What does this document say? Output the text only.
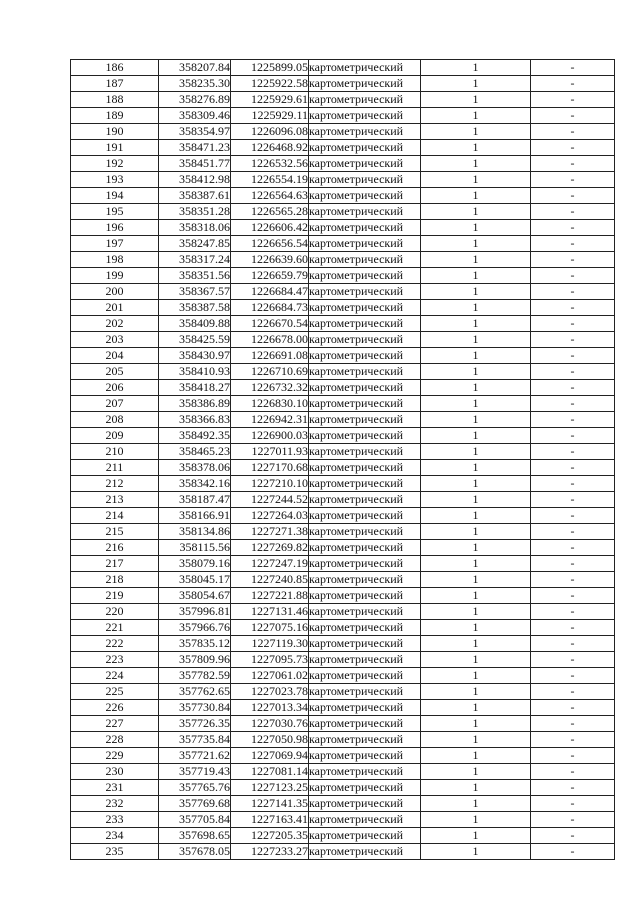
186	358207.84	1225899.05	картометрический	1	-
187	358235.30	1225922.58	картометрический	1	-
188	358276.89	1225929.61	картометрический	1	-
189	358309.46	1225929.11	картометрический	1	-
190	358354.97	1226096.08	картометрический	1	-
191	358471.23	1226468.92	картометрический	1	-
192	358451.77	1226532.56	картометрический	1	-
193	358412.98	1226554.19	картометрический	1	-
194	358387.61	1226564.63	картометрический	1	-
195	358351.28	1226565.28	картометрический	1	-
196	358318.06	1226606.42	картометрический	1	-
197	358247.85	1226656.54	картометрический	1	-
198	358317.24	1226639.60	картометрический	1	-
199	358351.56	1226659.79	картометрический	1	-
200	358367.57	1226684.47	картометрический	1	-
201	358387.58	1226684.73	картометрический	1	-
202	358409.88	1226670.54	картометрический	1	-
203	358425.59	1226678.00	картометрический	1	-
204	358430.97	1226691.08	картометрический	1	-
205	358410.93	1226710.69	картометрический	1	-
206	358418.27	1226732.32	картометрический	1	-
207	358386.89	1226830.10	картометрический	1	-
208	358366.83	1226942.31	картометрический	1	-
209	358492.35	1226900.03	картометрический	1	-
210	358465.23	1227011.93	картометрический	1	-
211	358378.06	1227170.68	картометрический	1	-
212	358342.16	1227210.10	картометрический	1	-
213	358187.47	1227244.52	картометрический	1	-
214	358166.91	1227264.03	картометрический	1	-
215	358134.86	1227271.38	картометрический	1	-
216	358115.56	1227269.82	картометрический	1	-
217	358079.16	1227247.19	картометрический	1	-
218	358045.17	1227240.85	картометрический	1	-
219	358054.67	1227221.88	картометрический	1	-
220	357996.81	1227131.46	картометрический	1	-
221	357966.76	1227075.16	картометрический	1	-
222	357835.12	1227119.30	картометрический	1	-
223	357809.96	1227095.73	картометрический	1	-
224	357782.59	1227061.02	картометрический	1	-
225	357762.65	1227023.78	картометрический	1	-
226	357730.84	1227013.34	картометрический	1	-
227	357726.35	1227030.76	картометрический	1	-
228	357735.84	1227050.98	картометрический	1	-
229	357721.62	1227069.94	картометрический	1	-
230	357719.43	1227081.14	картометрический	1	-
231	357765.76	1227123.25	картометрический	1	-
232	357769.68	1227141.35	картометрический	1	-
233	357705.84	1227163.41	картометрический	1	-
234	357698.65	1227205.35	картометрический	1	-
235	357678.05	1227233.27	картометрический	1	-
